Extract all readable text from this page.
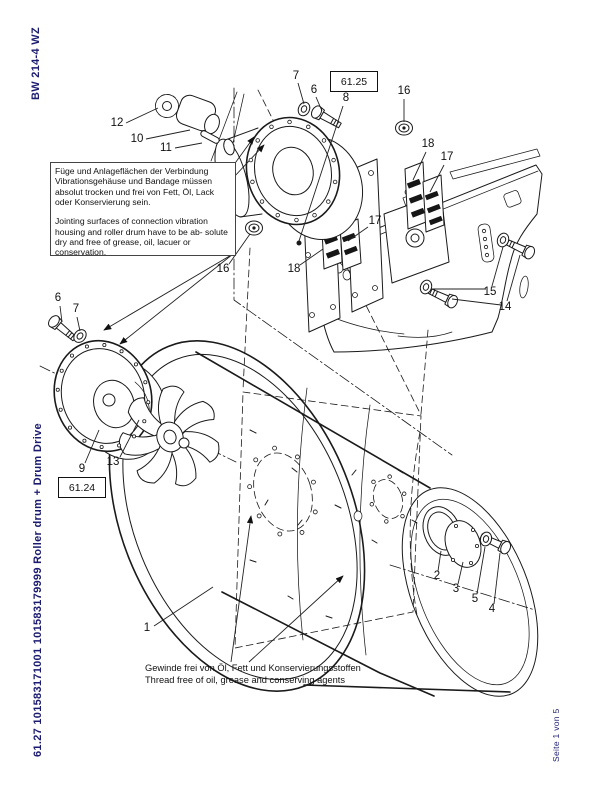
7
6
8
16
12
10
11	18
17
17
16	18
15
14
6
7
9
13
1
2
3
5
4

Füge und Anlageflächen der Verbindung Vibrationsgehäuse und Bandage müssen absolut trocken und frei von Fett, Öl, Lack oder Konservierung sein.

Jointing surfaces of connection vibration housing and roller drum have to be ab- solute dry and free of grease, oil, lacuer or conservation.

61.25
61.24
Gewinde frei von Öl, Fett und Konservierungsstoffen
Thread free of oil, grease and conserving agents
BW 214-4 WZ
61.27 101583171001 101583179999 Roller drum + Drum Drive	Seite 1 von 5
